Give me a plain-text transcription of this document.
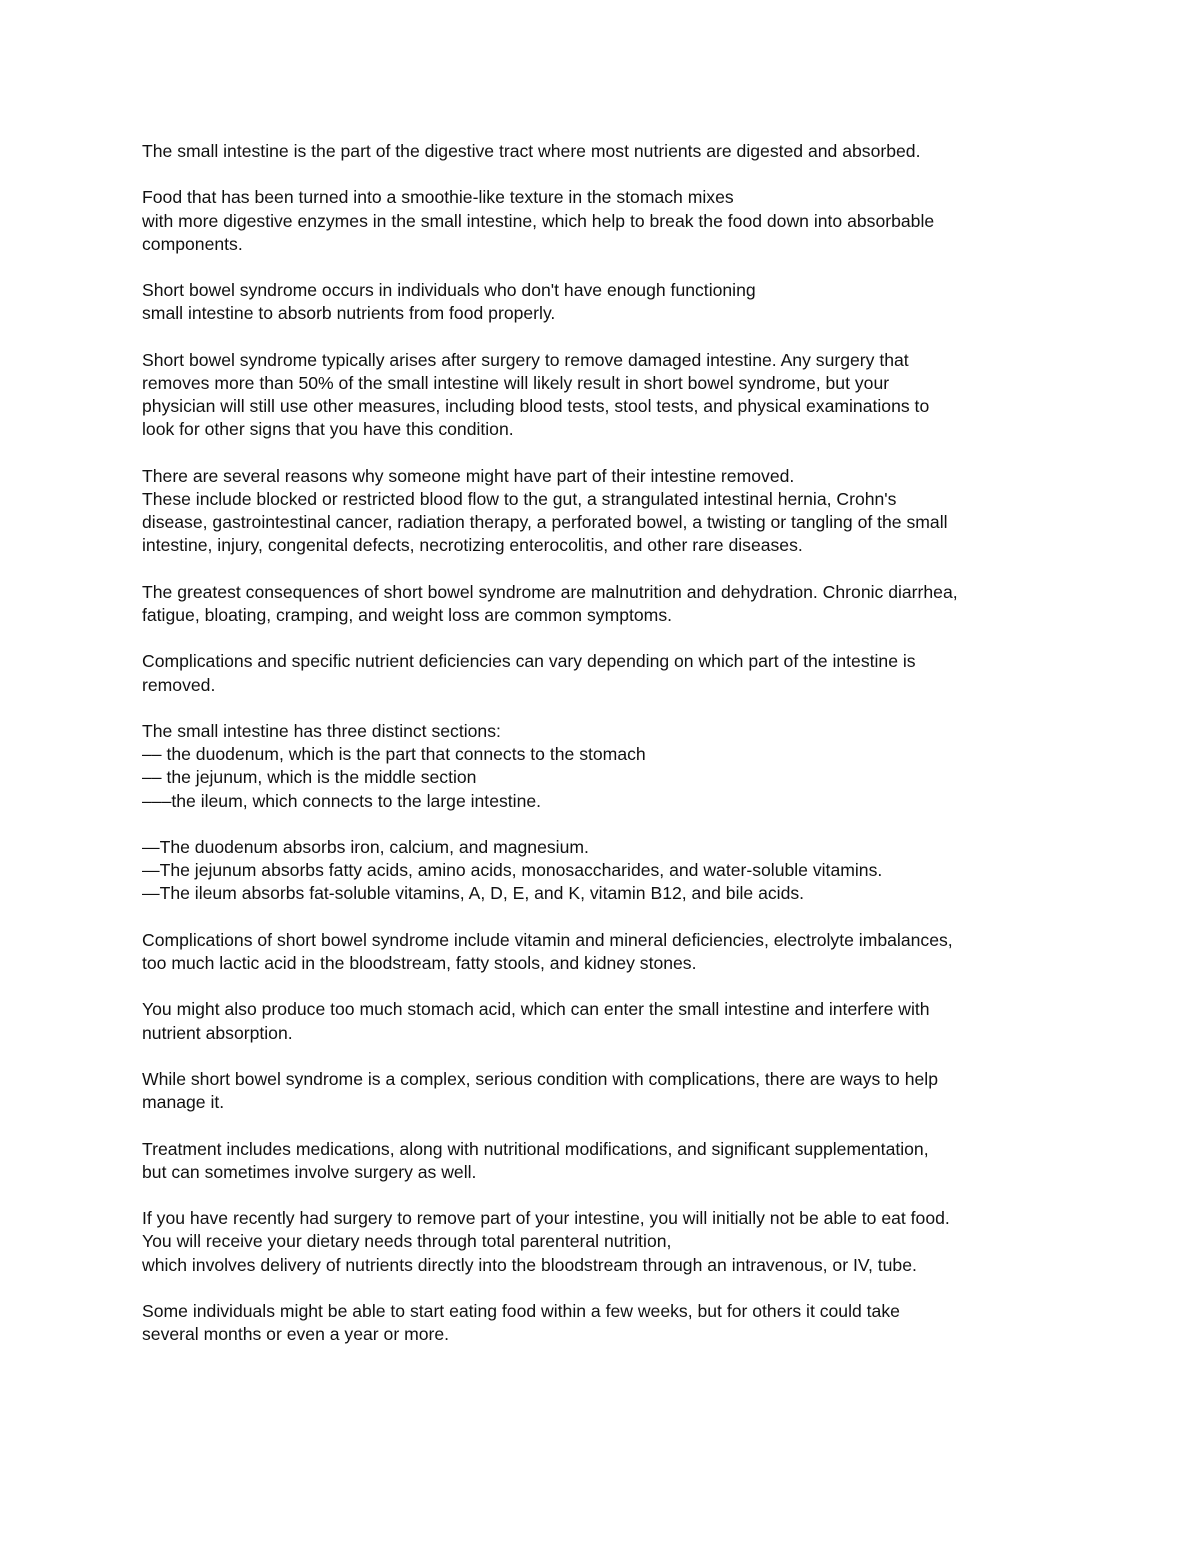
The small intestine is the part of the digestive tract where most nutrients are digested and absorbed.

Food that has been turned into a smoothie-like texture in the stomach mixes
with more digestive enzymes in the small intestine, which help to break the food down into absorbable
components.

Short bowel syndrome occurs in individuals who don't have enough functioning
small intestine to absorb nutrients from food properly.

Short bowel syndrome typically arises after surgery to remove damaged intestine. Any surgery that
removes more than 50% of the small intestine will likely result in short bowel syndrome, but your
physician will still use other measures, including blood tests, stool tests, and physical examinations to
look for other signs that you have this condition.

There are several reasons why someone might have part of their intestine removed.
These include blocked or restricted blood flow to the gut, a strangulated intestinal hernia, Crohn's
disease, gastrointestinal cancer, radiation therapy, a perforated bowel, a twisting or tangling of the small
intestine, injury, congenital defects, necrotizing enterocolitis, and other rare diseases.

The greatest consequences of short bowel syndrome are malnutrition and dehydration. Chronic diarrhea,
fatigue, bloating, cramping, and weight loss are common symptoms.

Complications and specific nutrient deficiencies can vary depending on which part of the intestine is
removed.

The small intestine has three distinct sections:
–– the duodenum, which is the part that connects to the stomach
–– the jejunum, which is the middle section
–––the ileum, which connects to the large intestine.

—The duodenum absorbs iron, calcium, and magnesium.
—The jejunum absorbs fatty acids, amino acids, monosaccharides, and water-soluble vitamins.
—The ileum absorbs fat-soluble vitamins, A, D, E, and K, vitamin B12, and bile acids.

Complications of short bowel syndrome include vitamin and mineral deficiencies, electrolyte imbalances,
too much lactic acid in the bloodstream, fatty stools, and kidney stones.

You might also produce too much stomach acid, which can enter the small intestine and interfere with
nutrient absorption.

While short bowel syndrome is a complex, serious condition with complications, there are ways to help
manage it.

Treatment includes medications, along with nutritional modifications, and significant supplementation,
but can sometimes involve surgery as well.

If you have recently had surgery to remove part of your intestine, you will initially not be able to eat food.
You will receive your dietary needs through total parenteral nutrition,
which involves delivery of nutrients directly into the bloodstream through an intravenous, or IV, tube.

Some individuals might be able to start eating food within a few weeks, but for others it could take
several months or even a year or more.
